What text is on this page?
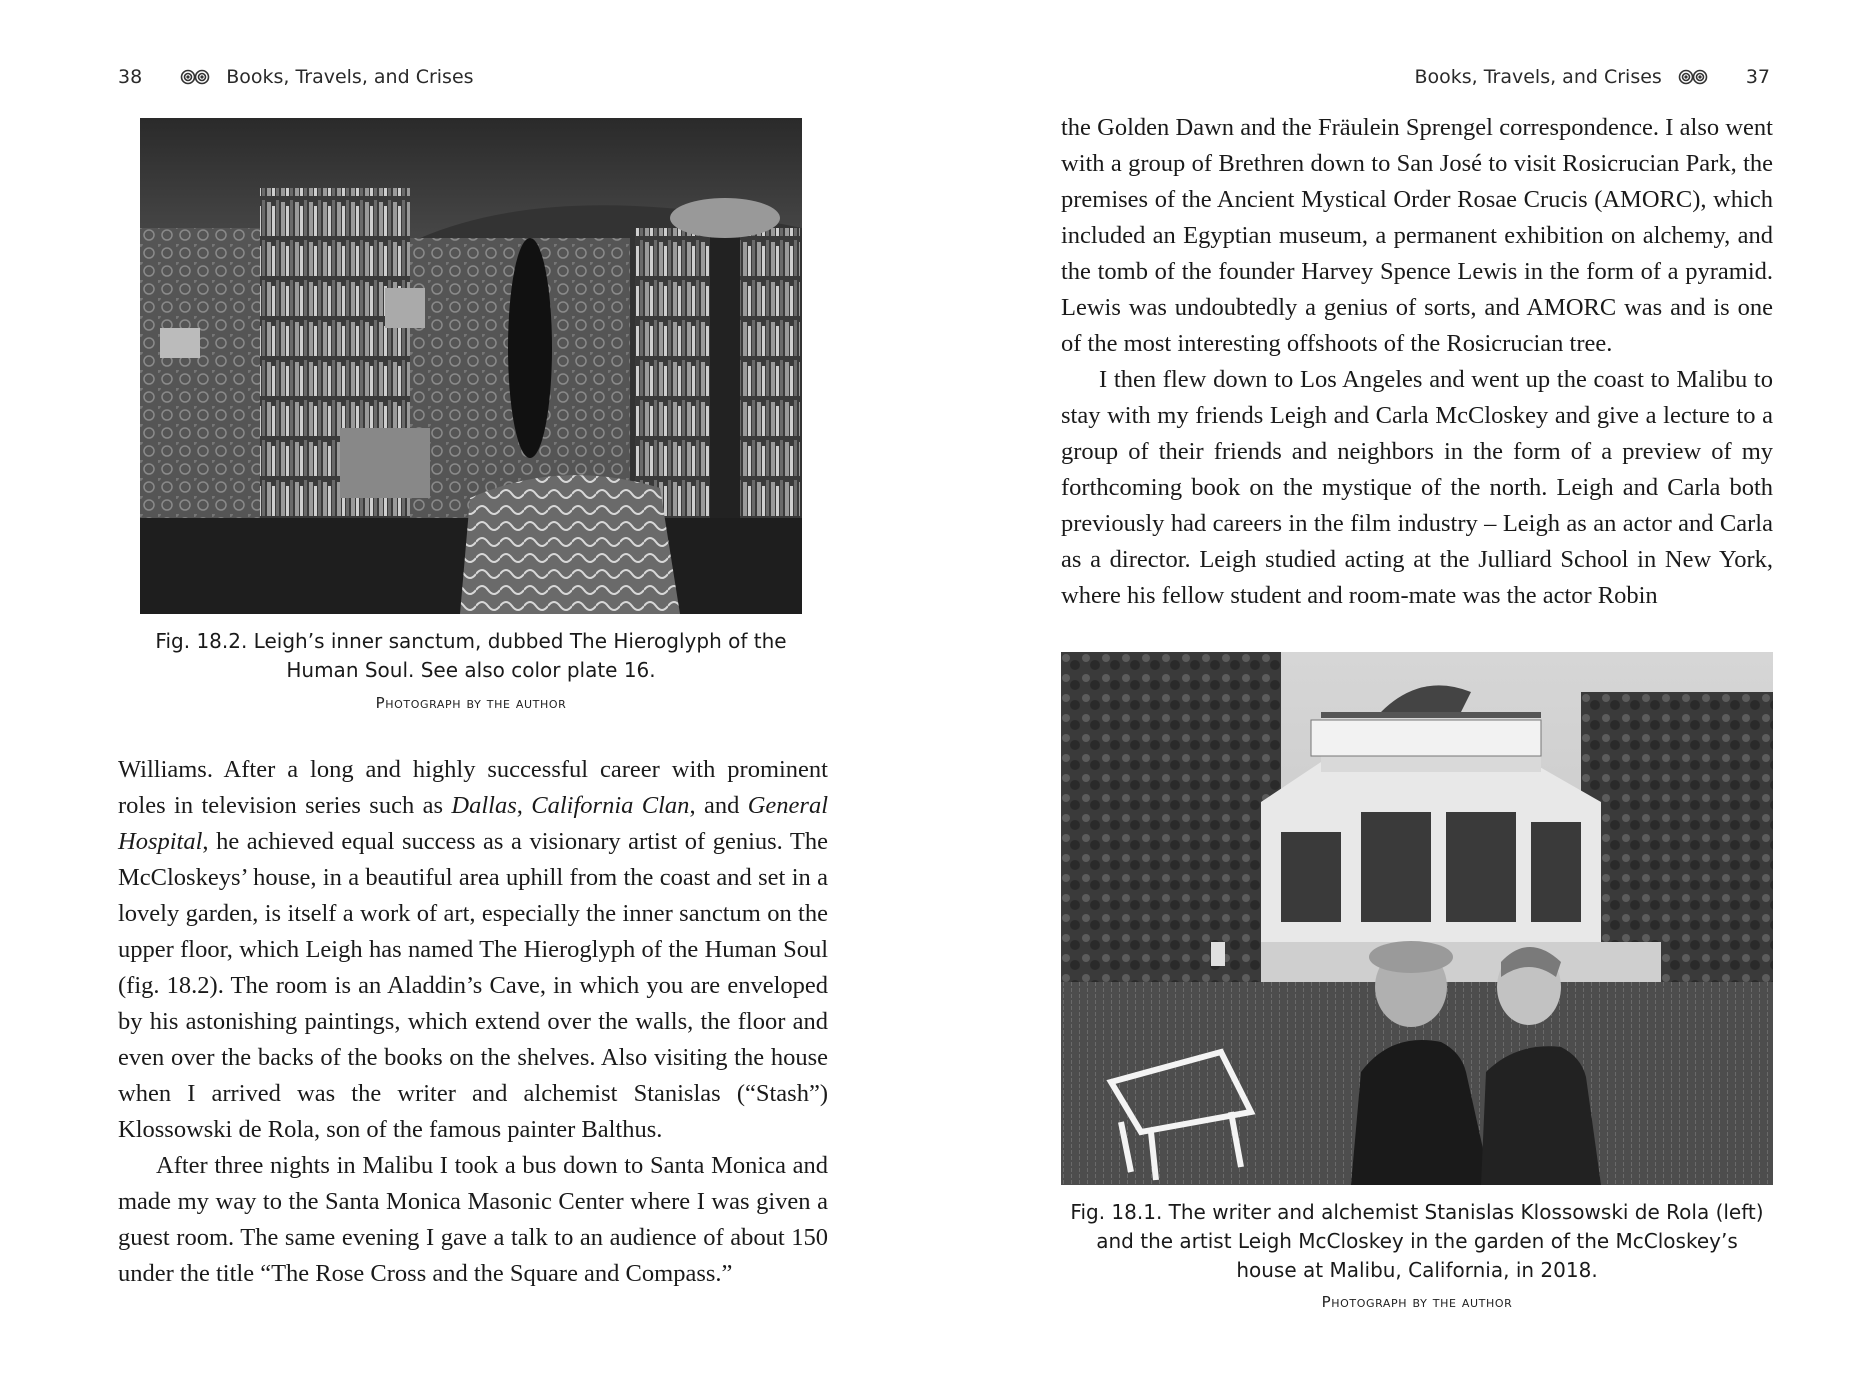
38	Books, Travels, and Crises
Fig. 18.2. Leigh’s inner sanctum, dubbed The Hieroglyph of the
Human Soul. See also color plate 16.
Photograph by the author

Williams. After a long and highly successful career with prominent roles in television series such as Dallas, California Clan, and General Hospital, he achieved equal success as a visionary artist of genius. The McCloskeys’ house, in a beautiful area uphill from the coast and set in a lovely garden, is itself a work of art, especially the inner sanctum on the upper floor, which Leigh has named The Hieroglyph of the Human Soul (fig. 18.2). The room is an Aladdin’s Cave, in which you are enveloped by his astonishing paintings, which extend over the walls, the floor and even over the backs of the books on the shelves. Also visiting the house when I arrived was the writer and alchemist Stanislas (“Stash”) Klossowski de Rola, son of the famous painter Balthus.

After three nights in Malibu I took a bus down to Santa Monica and made my way to the Santa Monica Masonic Center where I was given a guest room. The same evening I gave a talk to an audience of about 150 under the title “The Rose Cross and the Square and Compass.”

Books, Travels, and Crises	37

the Golden Dawn and the Fräulein Sprengel correspondence. I also went with a group of Brethren down to San José to visit Rosicrucian Park, the premises of the Ancient Mystical Order Rosae Crucis (AMORC), which included an Egyptian museum, a permanent exhibition on alchemy, and the tomb of the founder Harvey Spence Lewis in the form of a pyramid. Lewis was undoubtedly a genius of sorts, and AMORC was and is one of the most interesting offshoots of the Rosicrucian tree.

I then flew down to Los Angeles and went up the coast to Malibu to stay with my friends Leigh and Carla McCloskey and give a lecture to a group of their friends and neighbors in the form of a preview of my forthcoming book on the mystique of the north. Leigh and Carla both previously had careers in the film industry – Leigh as an actor and Carla as a director. Leigh studied acting at the Julliard School in New York, where his fellow student and room-mate was the actor Robin

Fig. 18.1. The writer and alchemist Stanislas Klossowski de Rola (left)
and the artist Leigh McCloskey in the garden of the McCloskey’s
house at Malibu, California, in 2018.
Photograph by the author
